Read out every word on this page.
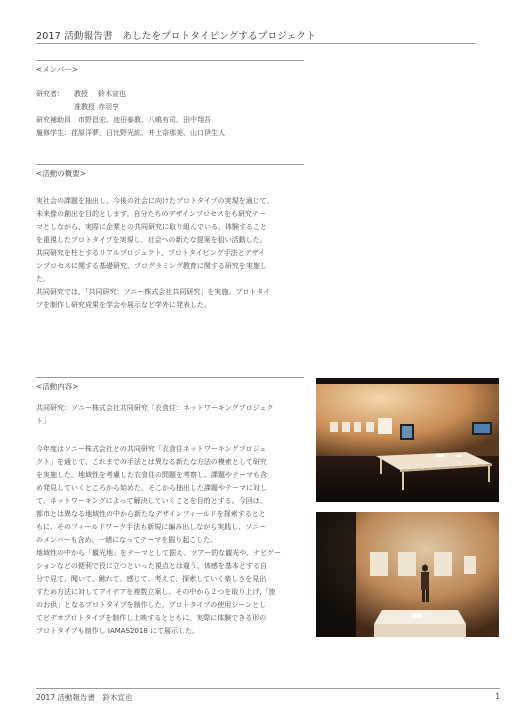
2017 活動報告書　あしたをプロトタイピングするプロジェクト
<メンバー>
研究者： 教授 鈴木宣也
准教授 赤羽亨
研究補助員　 市野昌宏、池田泰教、八嶋有司、田中翔吾
履修学生：荏原洋夢、日比野光紘、井上奈那美、山口伊生人
<活動の概要>
実社会の課題を抽出し、今後の社会に向けたプロトタイプの実現を通じて、
未来像の創出を目的とします。自分たちのデザインプロセスをも研究テー
マとしながら、実際に企業との共同研究に取り組んでいる。体験すること
を重視したプロトタイプを実現し、社会への新たな提案を狙い活動した。
共同研究を柱とするリアルプロジェクト、プロトタイピング手法とデザイ
ンプロセスに関する基礎研究、プログラミング教育に関する研究を実施し
た。
共同研究では、「共同研究：ソニー株式会社共同研究」を実施。プロトタイ
プを制作し研究成果を学会や展示など学外に発表した。
<活動内容>
共同研究：ソニー株式会社共同研究「衣食住：ネットワーキングプロジェク
ト」
今年度はソニー株式会社との共同研究「衣食住ネットワーキングプロジェ
クト」を通じて、これまでの手法とは異なる新たな方法の模索として研究
を実施した。地域性を考慮した衣食住の問題を考察し、課題やテーマも含
め発見していくところから始めた。そこから抽出した課題やテーマに対し
て、ネットワーキングによって解決していくことを目的とする。今回は、
都市とは異なる地域性の中から新たなデザインフィールドを探索するとと
もに、そのフィールドワーク手法も新規に編み出しながら実践し、ソニー
のメンバーも含め、一緒になってテーマを掘り起こした。
地域性の中から「観光地」をテーマとして据え、ツアー的な観光や、ナビゲー
ションなどの便利で役に立つといった視点とは違う、体感を基本とする自
分で見て、聞いて、触れて、感じて、考えて、探索していく楽しさを見出
すため方法に対してアイデアを複数立案し、その中から２つを取り上げ,「旅
のお供」となるプロトタイプを制作した。プロトタイプの使用シーンとし
てビデオプロトタイプを制作し上映するとともに、実際に体験できる形の
プロトタイプも制作し IAMAS2018 にて展示した。
2017 活動報告書　鈴木宣也	1
